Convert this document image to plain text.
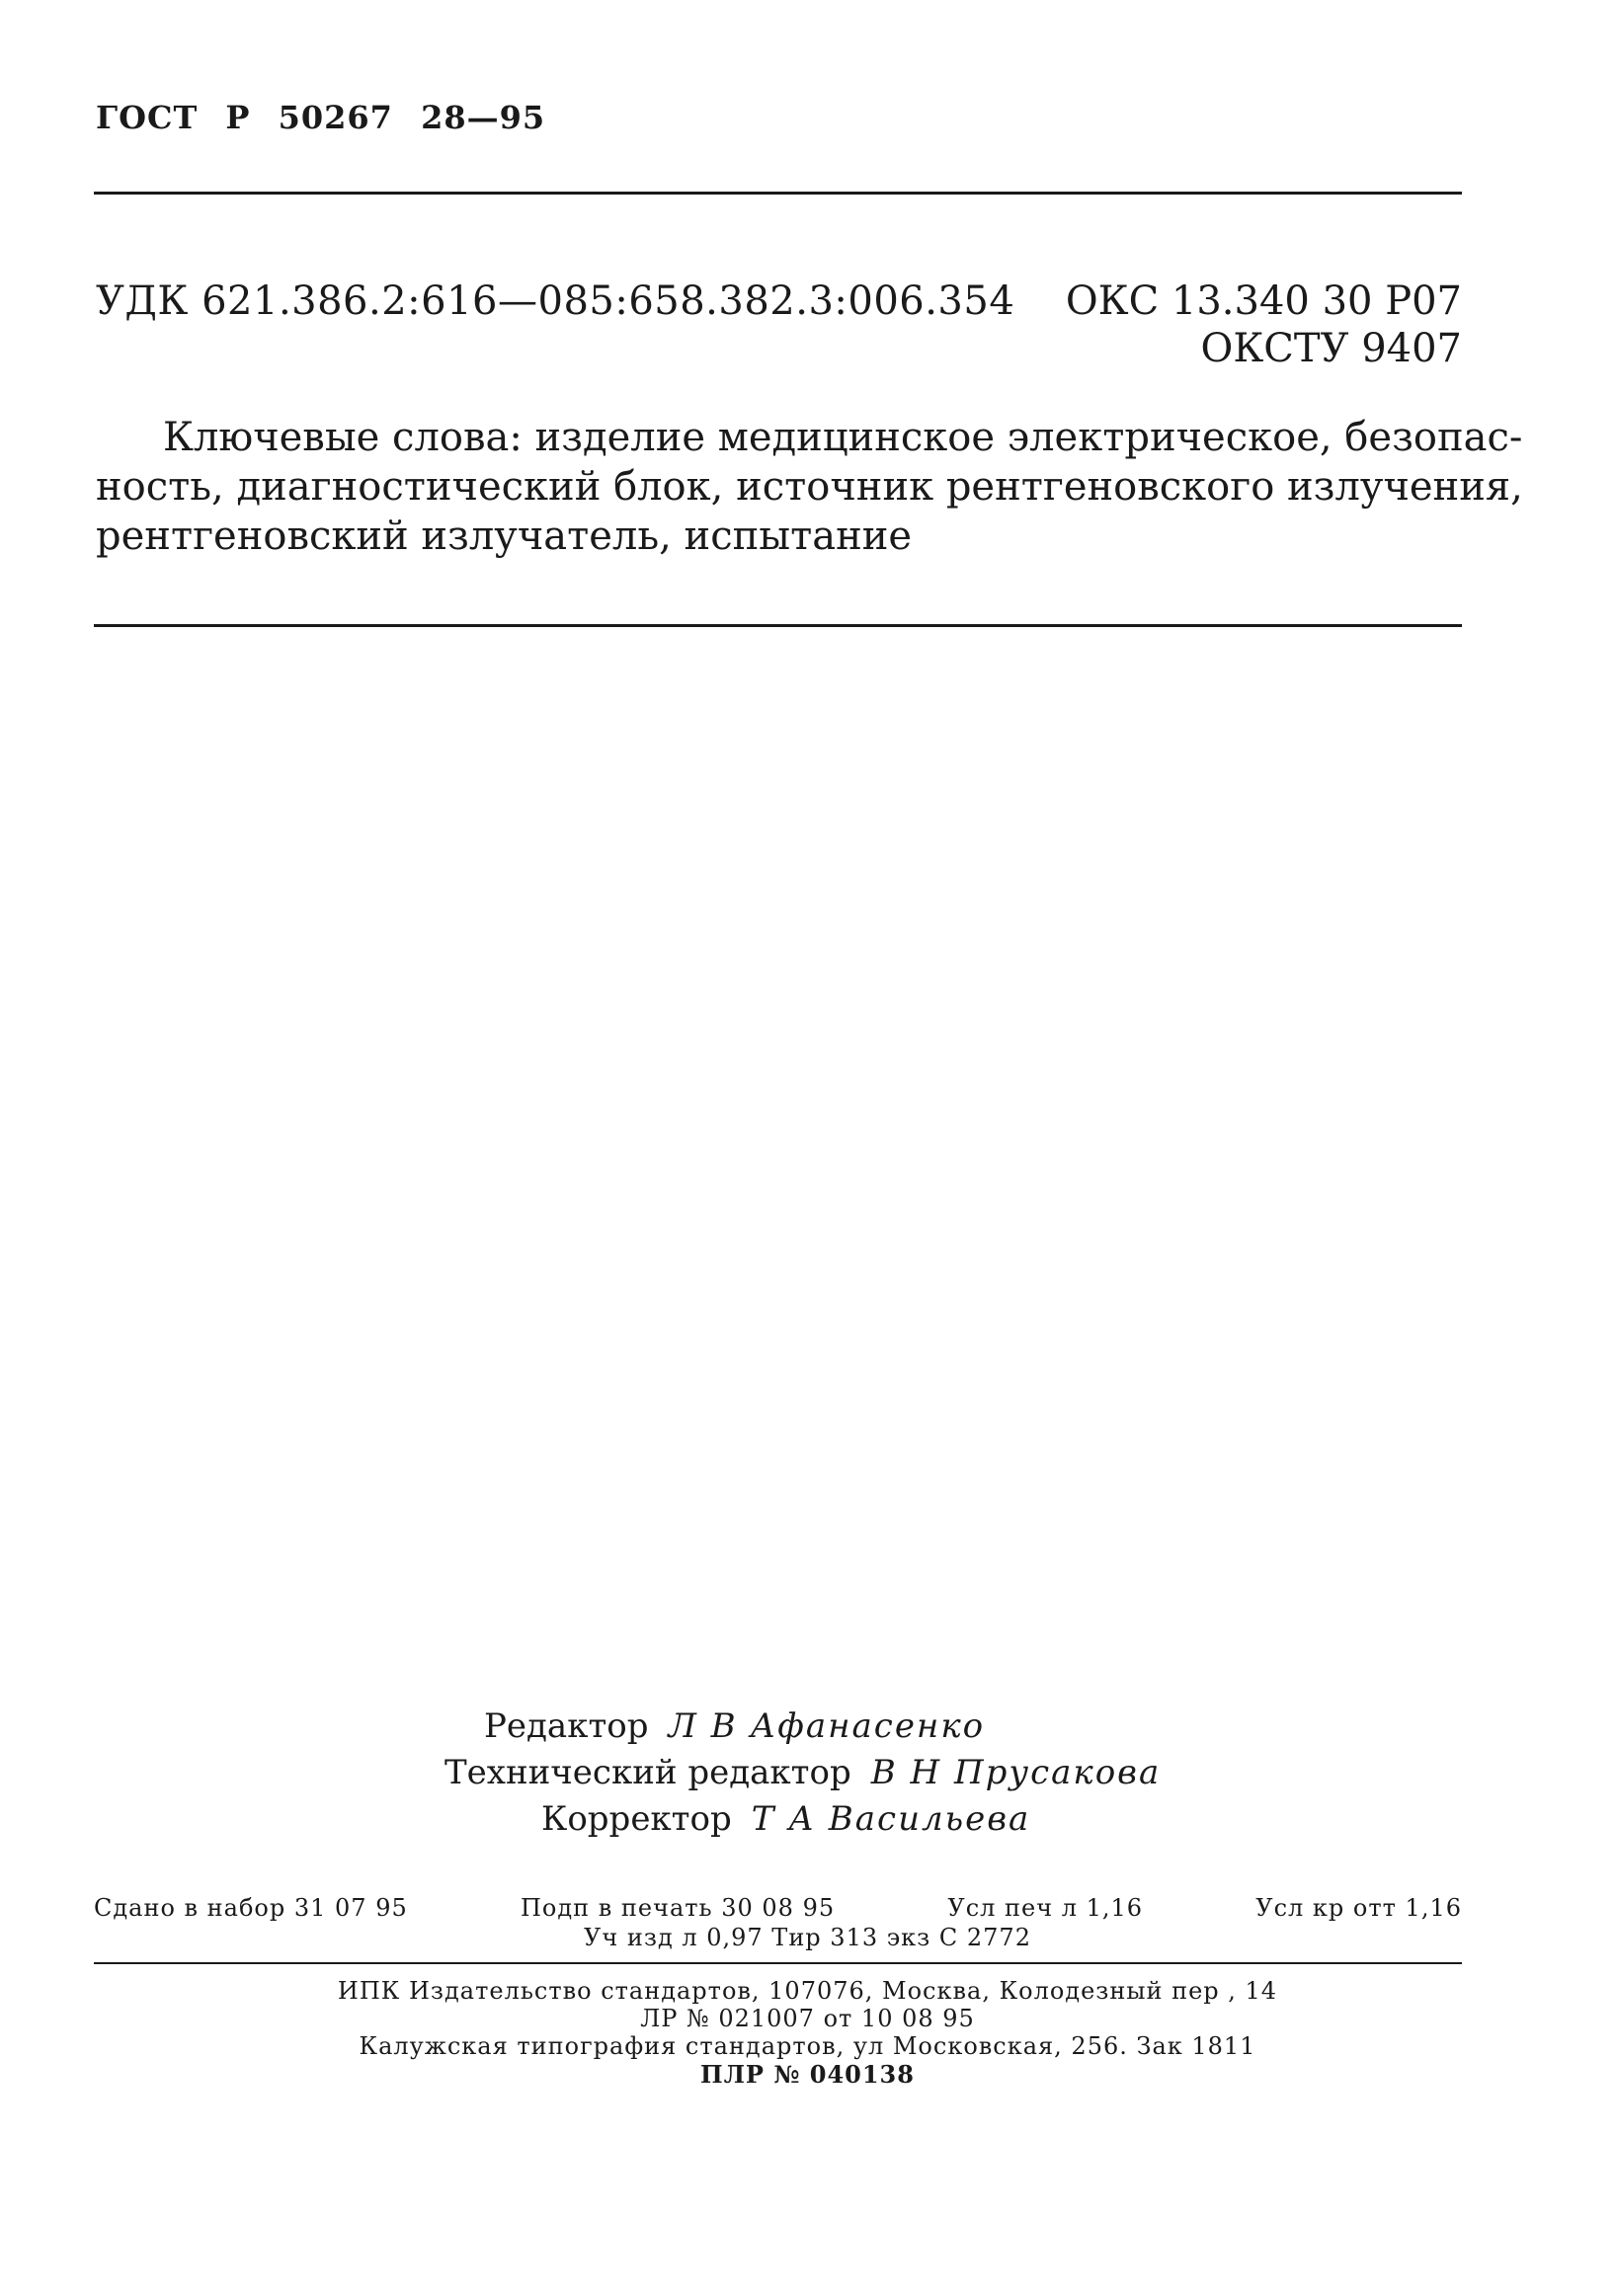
ГОСТ Р 50267 28—95
УДК 621.386.2:616—085:658.382.3:006.354 ОКС 13.340 30 Р07
ОКСТУ 9407
Ключевые слова: изделие медицинское электрическое, безопас-
ность, диагностический блок, источник рентгеновского излучения,
рентгеновский излучатель, испытание
Редактор Л В Афанасенко
Технический редактор В Н Прусакова
Корректор Т А Васильева
Сдано в набор 31 07 95	Подп в печать 30 08 95	Усл печ л 1,16	Усл кр отт 1,16
Уч изд л 0,97 Тир 313 экз С 2772
ИПК Издательство стандартов, 107076, Москва, Колодезный пер , 14
ЛР № 021007 от 10 08 95
Калужская типография стандартов, ул Московская, 256. Зак 1811
ПЛР № 040138
